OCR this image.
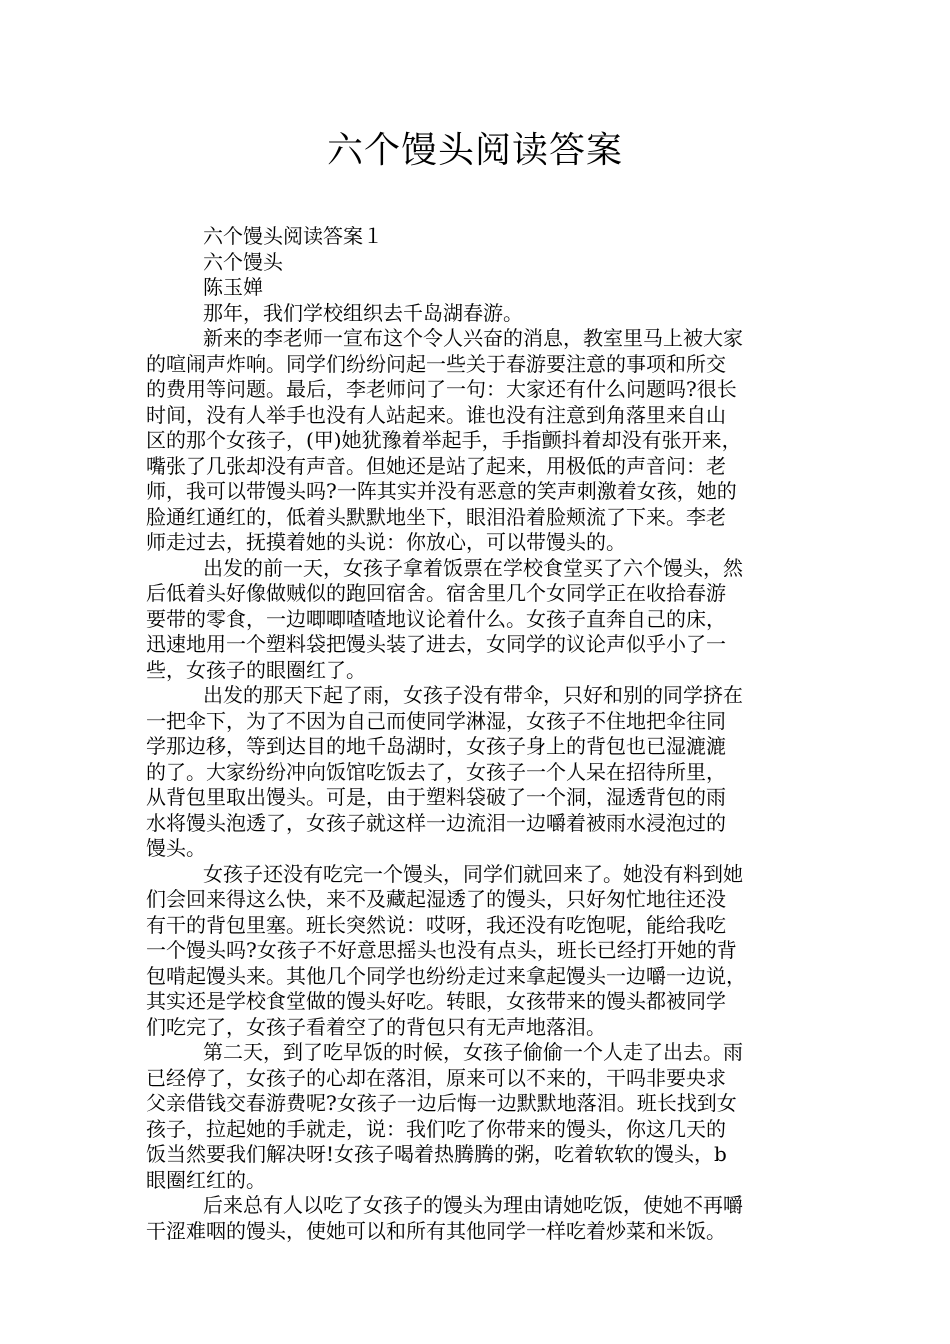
六个馒头阅读答案
六个馒头阅读答案１
六个馒头
陈玉婵
那年，我们学校组织去千岛湖春游。
新来的李老师一宣布这个令人兴奋的消息，教室里马上被大家
的喧闹声炸响。同学们纷纷问起一些关于春游要注意的事项和所交
的费用等问题。最后，李老师问了一句：大家还有什么问题吗?很长
时间，没有人举手也没有人站起来。谁也没有注意到角落里来自山
区的那个女孩子，(甲)她犹豫着举起手，手指颤抖着却没有张开来，
嘴张了几张却没有声音。但她还是站了起来，用极低的声音问：老
师，我可以带馒头吗?一阵其实并没有恶意的笑声刺激着女孩，她的
脸通红通红的，低着头默默地坐下，眼泪沿着脸颊流了下来。李老
师走过去，抚摸着她的头说：你放心，可以带馒头的。
出发的前一天，女孩子拿着饭票在学校食堂买了六个馒头，然
后低着头好像做贼似的跑回宿舍。宿舍里几个女同学正在收拾春游
要带的零食，一边唧唧喳喳地议论着什么。女孩子直奔自己的床，
迅速地用一个塑料袋把馒头装了进去，女同学的议论声似乎小了一
些，女孩子的眼圈红了。
出发的那天下起了雨，女孩子没有带伞，只好和别的同学挤在
一把伞下，为了不因为自己而使同学淋湿，女孩子不住地把伞往同
学那边移，等到达目的地千岛湖时，女孩子身上的背包也已湿漉漉
的了。大家纷纷冲向饭馆吃饭去了，女孩子一个人呆在招待所里，
从背包里取出馒头。可是，由于塑料袋破了一个洞，湿透背包的雨
水将馒头泡透了，女孩子就这样一边流泪一边嚼着被雨水浸泡过的
馒头。
女孩子还没有吃完一个馒头，同学们就回来了。她没有料到她
们会回来得这么快，来不及藏起湿透了的馒头，只好匆忙地往还没
有干的背包里塞。班长突然说：哎呀，我还没有吃饱呢，能给我吃
一个馒头吗?女孩子不好意思摇头也没有点头，班长已经打开她的背
包啃起馒头来。其他几个同学也纷纷走过来拿起馒头一边嚼一边说，
其实还是学校食堂做的馒头好吃。转眼，女孩带来的馒头都被同学
们吃完了，女孩子看着空了的背包只有无声地落泪。
第二天，到了吃早饭的时候，女孩子偷偷一个人走了出去。雨
已经停了，女孩子的心却在落泪，原来可以不来的，干吗非要央求
父亲借钱交春游费呢?女孩子一边后悔一边默默地落泪。班长找到女
孩子，拉起她的手就走，说：我们吃了你带来的馒头，你这几天的
饭当然要我们解决呀!女孩子喝着热腾腾的粥，吃着软软的馒头，b
眼圈红红的。
后来总有人以吃了女孩子的馒头为理由请她吃饭，使她不再嚼
干涩难咽的馒头，使她可以和所有其他同学一样吃着炒菜和米饭。
